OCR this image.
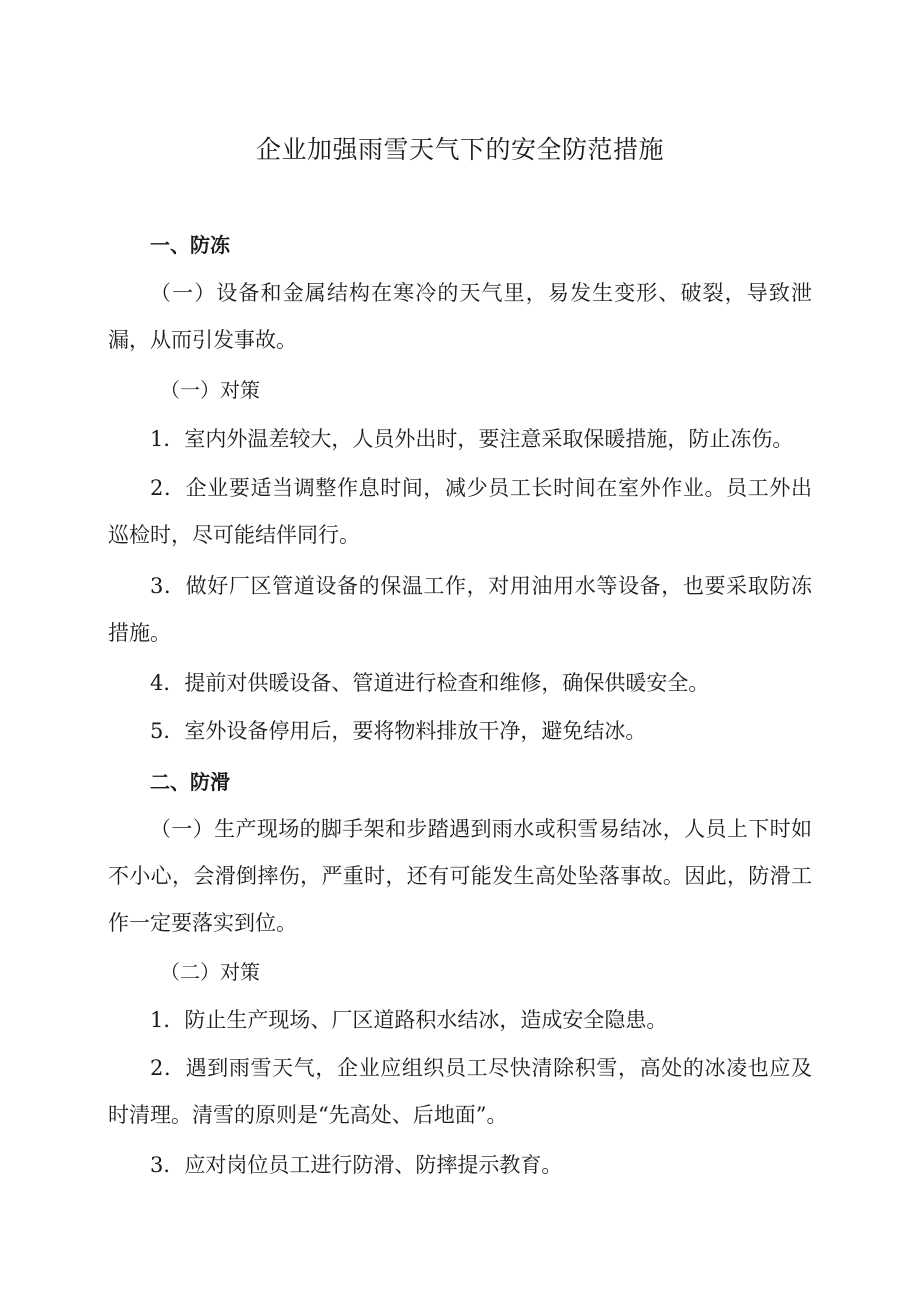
企业加强雨雪天气下的安全防范措施
一、防冻

（一）设备和金属结构在寒冷的天气里，易发生变形、破裂，导致泄漏，从而引发事故。

（一）对策

1．室内外温差较大，人员外出时，要注意采取保暖措施，防止冻伤。

2．企业要适当调整作息时间，减少员工长时间在室外作业。员工外出巡检时，尽可能结伴同行。

3．做好厂区管道设备的保温工作，对用油用水等设备，也要采取防冻措施。

4．提前对供暖设备、管道进行检查和维修，确保供暖安全。

5．室外设备停用后，要将物料排放干净，避免结冰。

二、防滑

（一）生产现场的脚手架和步踏遇到雨水或积雪易结冰，人员上下时如不小心，会滑倒摔伤，严重时，还有可能发生高处坠落事故。因此，防滑工作一定要落实到位。

（二）对策

1．防止生产现场、厂区道路积水结冰，造成安全隐患。

2．遇到雨雪天气，企业应组织员工尽快清除积雪，高处的冰凌也应及时清理。清雪的原则是“先高处、后地面”。

3．应对岗位员工进行防滑、防摔提示教育。
